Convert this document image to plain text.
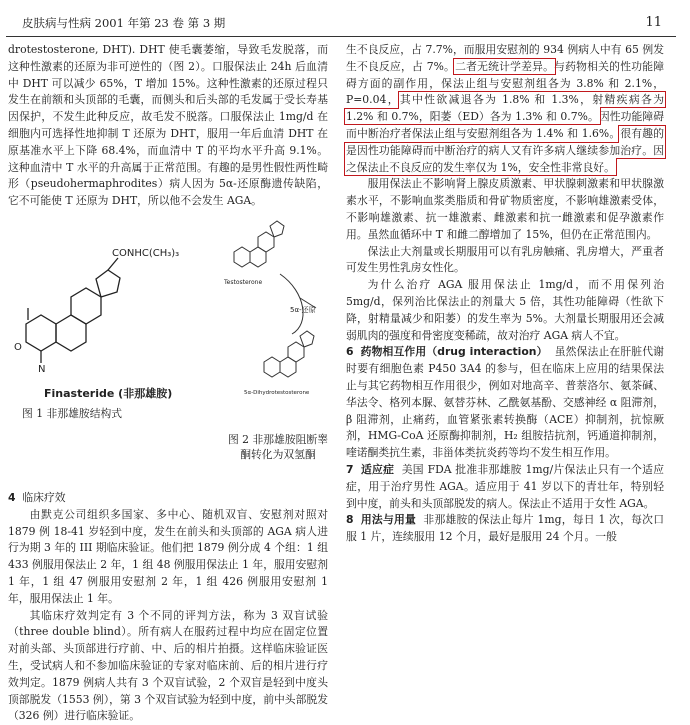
皮肤病与性病 2001 年第 23 卷 第 3 期	11

drotestosterone, DHT). DHT 使毛囊萎缩，导致毛发脱落，而这种性激素的还原为非可逆性的（图 2）。口服保法止 24h 后血清中 DHT 可以减少 65%，T 增加 15%。这种性激素的还原过程只发生在前额和头顶部的毛囊，而侧头和后头部的毛发属于受长寿基因保护，不发生此种反应，故毛发不脱落。口服保法止 1mg/d 在细胞内可选择性地抑制 T 还原为 DHT，服用一年后血清 DHT 在原基准水平上下降 68.4%，而血清中 T 的平均水平升高 9.1%。这种血清中 T 水平的升高属于正常范围。有趣的是男性假性两性畸形（pseudohermaphrodites）病人因为 5α-还原酶遗传缺陷，它不可能使 T 还原为 DHT，所以他不会发生 AGA。

O
N
CONHC(CH₃)₃
Finasteride (非那雄胺)
图 1 非那雄胺结构式
Testosterone
5α-还原
5α-Dihydrotestosterone
图 2 非那雄胺阻断睾酮转化为双氢酮

4 临床疗效

由默克公司组织多国家、多中心、随机双盲、安慰剂对照对 1879 例 18-41 岁轻到中度，发生在前头和头顶部的 AGA 病人进行为期 3 年的 III 期临床验证。他们把 1879 例分成 4 个组：1 组 433 例服用保法止 2 年，1 组 48 例服用保法止 1 年，服用安慰剂 1 年，1 组 47 例服用安慰剂 2 年，1 组 426 例服用安慰剂 1 年，服用保法止 1 年。

其临床疗效判定有 3 个不同的评判方法，称为 3 双盲试验（three double blind）。所有病人在服药过程中均应在固定位置对前头部、头顶部进行疗前、中、后的相片拍摄。这样临床验证医生，受试病人和不参加临床验证的专家对临床前、后的相片进行疗效判定。1879 例病人共有 3 个双盲试验，2 个双盲是轻到中度头顶部脱发（1553 例），第 3 个双盲试验为轻到中度，前中头部脱发（326 例）进行临床验证。

生不良反应，占 7.7%，而服用安慰剂的 934 例病人中有 65 例发生不良反应，占 7%。二者无统计学差异。与药物相关的性功能障碍方面的副作用，保法止组与安慰剂组各为 3.8% 和 2.1%，P=0.04，其中性欲减退各为 1.8% 和 1.3%，射精疾病各为 1.2% 和 0.7%，阳萎（ED）各为 1.3% 和 0.7%。因性功能障碍而中断治疗者保法止组与安慰剂组各为 1.4% 和 1.6%。很有趣的是因性功能障碍而中断治疗的病人又有许多病人继续参加治疗。因之保法止不良反应的发生率仅为 1%，安全性非常良好。

服用保法止不影响肾上腺皮质激素、甲状腺刺激素和甲状腺激素水平，不影响血浆类脂质和骨矿物质密度，不影响雄激素受体，不影响雄激素、抗一雄激素、雌激素和抗一雌激素和促孕激素作用。虽然血循环中 T 和雌二醇增加了 15%，但仍在正常范围内。

保法止大剂量或长期服用可以有乳房触痛、乳房增大，严重者可发生男性乳房女性化。

为什么治疗 AGA 服用保法止 1mg/d，而不用保列治 5mg/d，保列治比保法止的剂量大 5 倍，其性功能障碍（性欲下降，射精量减少和阳萎）的发生率为 5%。大剂量长期服用还会减弱肌肉的强度和骨密度变稀疏，故对治疗 AGA 病人不宜。

6 药物相互作用（drug interaction） 虽然保法止在肝脏代谢时要有细胞色素 P450 3A4 的参与，但在临床上应用的结果保法止与其它药物相互作用很少，例如对地高辛、普萘洛尔、氨茶碱、华法令、格列本脲、氨替芬林、乙酰氨基酚、交感神经 α 阻滞剂，β 阻滞剂，止痛药，血管紧张素转换酶（ACE）抑制剂，抗惊厥剂，HMG-CoA 还原酶抑制剂，H₂ 组胺拮抗剂，钙通道抑制剂，喹诺酮类抗生素，非甾体类抗炎药等均不发生相互作用。

7 适应症 美国 FDA 批准非那雄胺 1mg/片保法止只有一个适应症，用于治疗男性 AGA。适应用于 41 岁以下的青壮年，特别轻到中度，前头和头顶部脱发的病人。保法止不适用于女性 AGA。

8 用法与用量 非那雄胺的保法止每片 1mg，每日 1 次，每次口服 1 片，连续服用 12 个月，最好是服用 24 个月。一般
